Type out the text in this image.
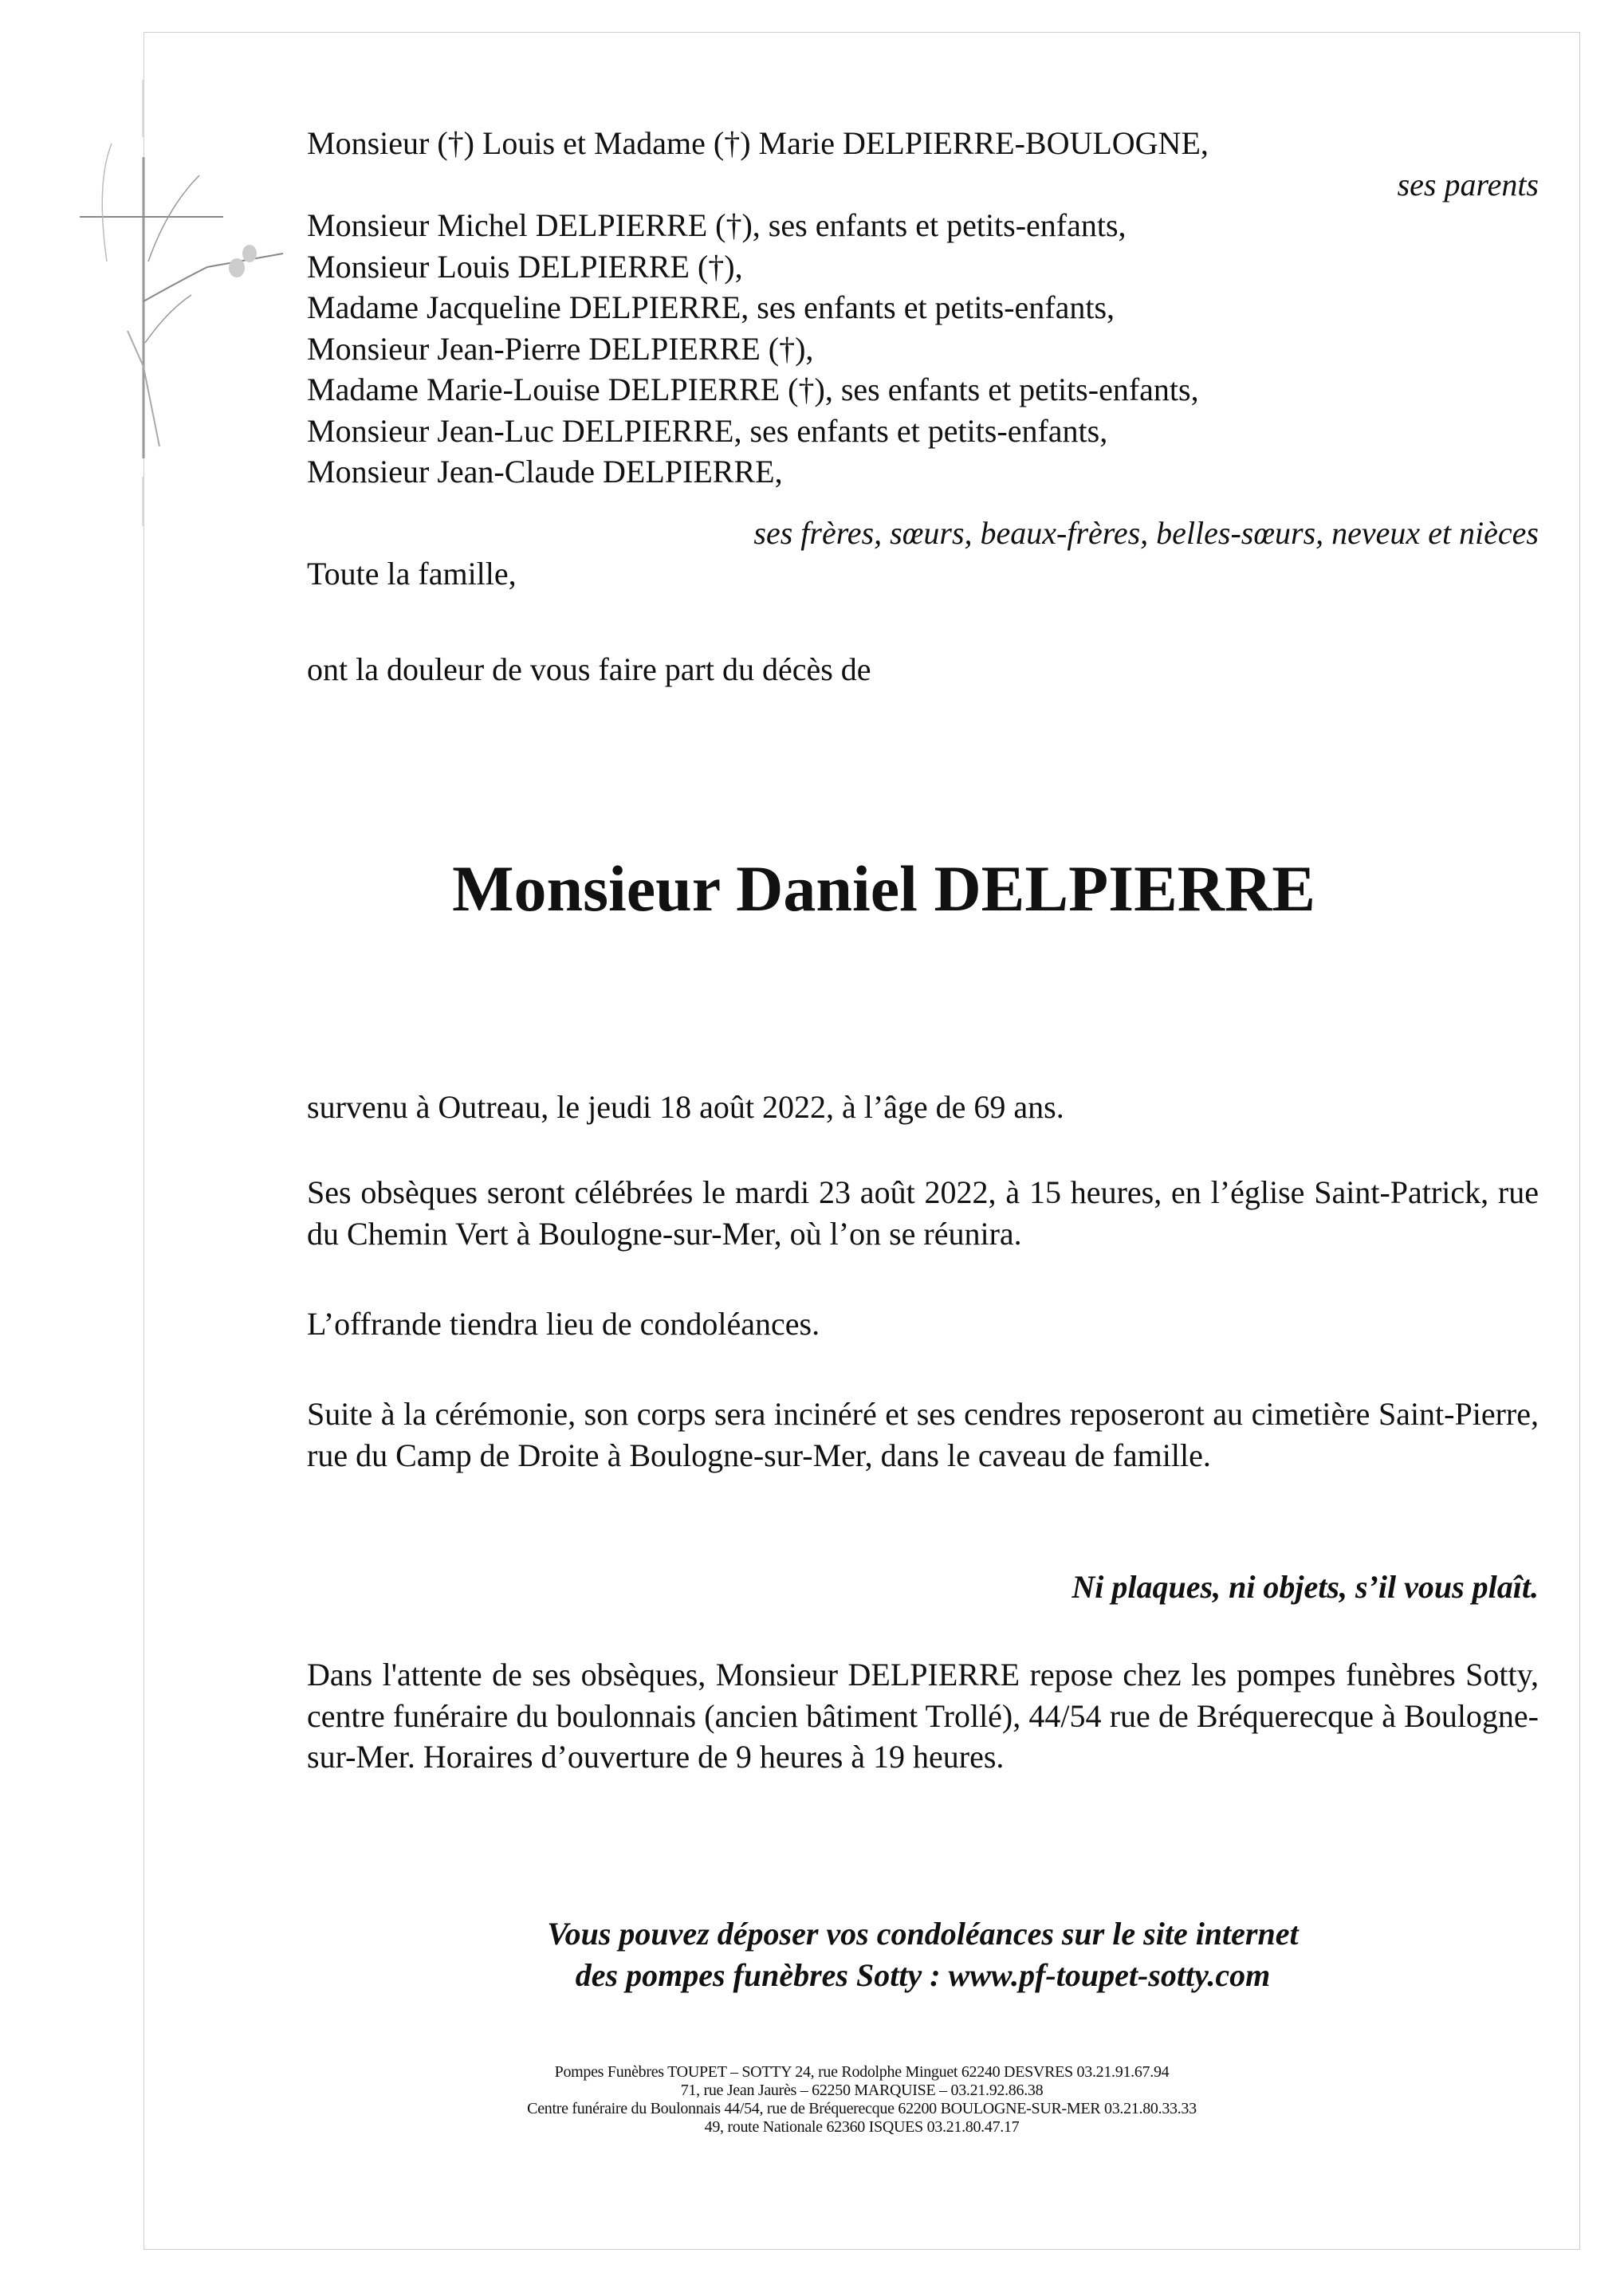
Monsieur (†) Louis et Madame (†) Marie DELPIERRE-BOULOGNE,
ses parents
Monsieur Michel DELPIERRE (†), ses enfants et petits-enfants,
Monsieur Louis DELPIERRE (†),
Madame Jacqueline DELPIERRE, ses enfants et petits-enfants,
Monsieur Jean-Pierre DELPIERRE (†),
Madame Marie-Louise DELPIERRE (†), ses enfants et petits-enfants,
Monsieur Jean-Luc DELPIERRE, ses enfants et petits-enfants,
Monsieur Jean-Claude DELPIERRE,
ses frères, sœurs, beaux-frères, belles-sœurs, neveux et nièces
Toute la famille,
ont la douleur de vous faire part du décès de
Monsieur Daniel DELPIERRE
survenu à Outreau, le jeudi 18 août 2022, à l’âge de 69 ans.
Ses obsèques seront célébrées le mardi 23 août 2022, à 15 heures, en l’église Saint-Patrick, rue du Chemin Vert à Boulogne-sur-Mer, où l’on se réunira.
L’offrande tiendra lieu de condoléances.
Suite à la cérémonie, son corps sera inciné​ré et ses cendres reposeront au cimetière Saint-Pierre, rue du Camp de Droite à Boulogne-sur-Mer, dans le caveau de famille.
Ni plaques, ni objets, s’il vous plaît.
Dans l'attente de ses obsèques, Monsieur DELPIERRE repose chez les pompes funèbres Sotty, centre funéraire du boulonnais (ancien bâtiment Trollé), 44/54 rue de Bréquerecque à Boulogne-sur-Mer. Horaires d’ouverture de 9 heures à 19 heures.
Vous pouvez déposer vos condoléances sur le site internet
des pompes funèbres Sotty : www.pf-toupet-sotty.com
Pompes Funèbres TOUPET – SOTTY 24, rue Rodolphe Minguet 62240 DESVRES 03.21.91.67.94
71, rue Jean Jaurès – 62250 MARQUISE – 03.21.92.86.38
Centre funéraire du Boulonnais 44/54, rue de Bréquerecque 62200 BOULOGNE-SUR-MER 03.21.80.33.33
49, route Nationale 62360 ISQUES 03.21.80.47.17
